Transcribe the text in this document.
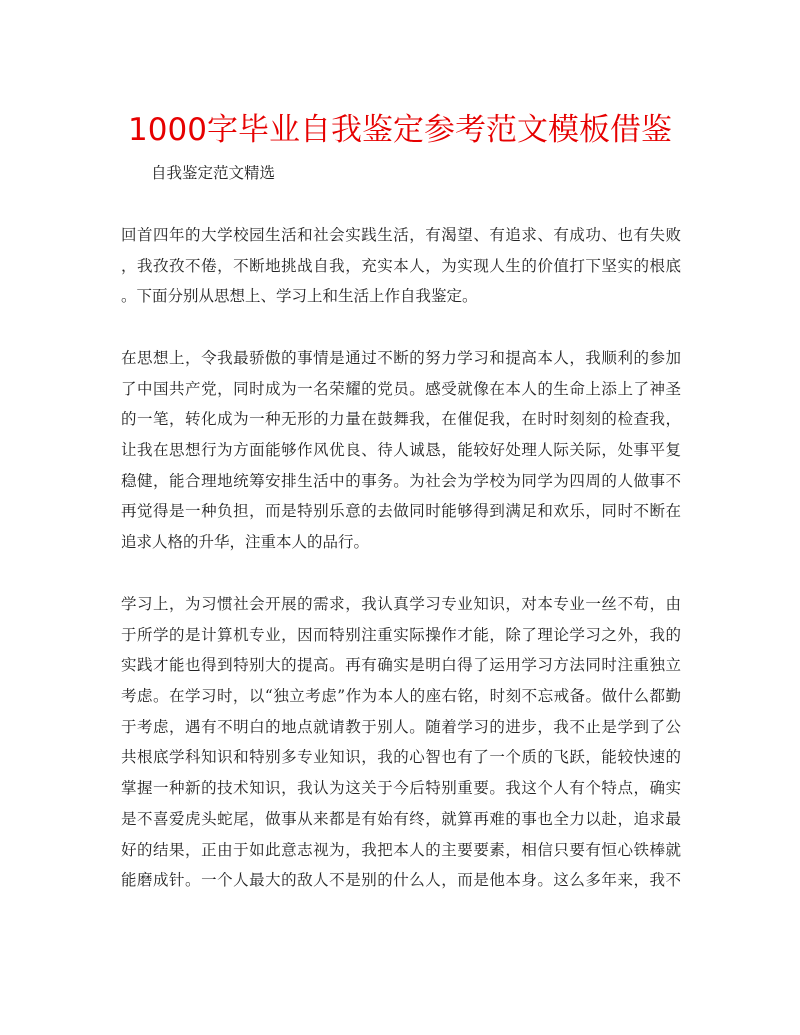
1000字毕业自我鉴定参考范文模板借鉴
自我鉴定范文精选
回首四年的大学校园生活和社会实践生活，有渴望、有追求、有成功、也有失败
，我孜孜不倦，不断地挑战自我，充实本人，为实现人生的价值打下坚实的根底
。下面分别从思想上、学习上和生活上作自我鉴定。
在思想上，令我最骄傲的事情是通过不断的努力学习和提高本人，我顺利的参加
了中国共产党，同时成为一名荣耀的党员。感受就像在本人的生命上添上了神圣
的一笔，转化成为一种无形的力量在鼓舞我，在催促我，在时时刻刻的检查我，
让我在思想行为方面能够作风优良、待人诚恳，能较好处理人际关际，处事平复
稳健，能合理地统筹安排生活中的事务。为社会为学校为同学为四周的人做事不
再觉得是一种负担，而是特别乐意的去做同时能够得到满足和欢乐，同时不断在
追求人格的升华，注重本人的品行。
学习上，为习惯社会开展的需求，我认真学习专业知识，对本专业一丝不苟，由
于所学的是计算机专业，因而特别注重实际操作才能，除了理论学习之外，我的
实践才能也得到特别大的提高。再有确实是明白得了运用学习方法同时注重独立
考虑。在学习时，以“独立考虑”作为本人的座右铭，时刻不忘戒备。做什么都勤
于考虑，遇有不明白的地点就请教于别人。随着学习的进步，我不止是学到了公
共根底学科知识和特别多专业知识，我的心智也有了一个质的飞跃，能较快速的
掌握一种新的技术知识，我认为这关于今后特别重要。我这个人有个特点，确实
是不喜爱虎头蛇尾，做事从来都是有始有终，就算再难的事也全力以赴，追求最
好的结果，正由于如此意志视为，我把本人的主要要素，相信只要有恒心铁棒就
能磨成针。一个人最大的敌人不是别的什么人，而是他本身。这么多年来，我不
